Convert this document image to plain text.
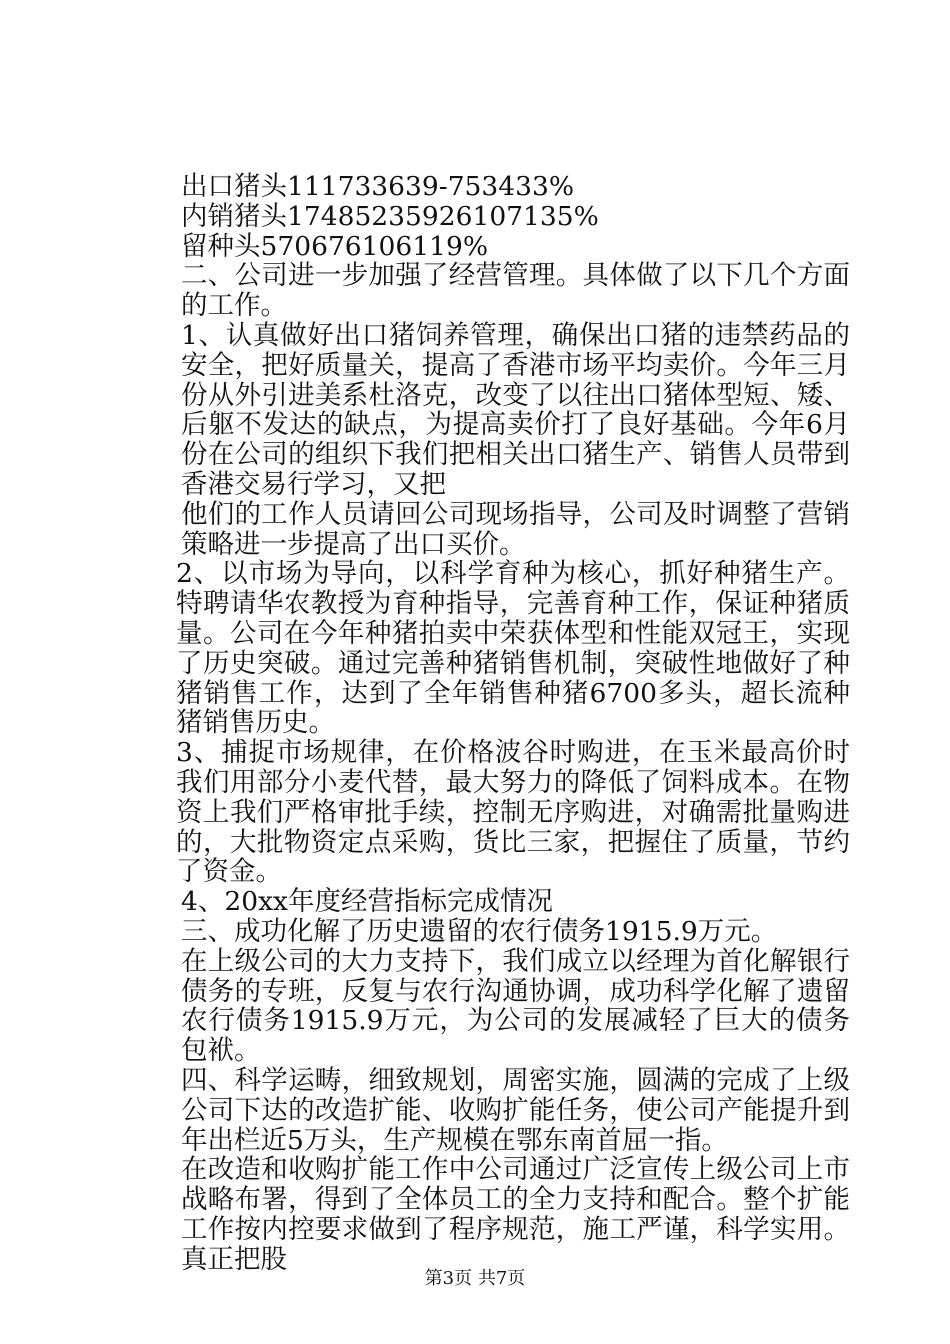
出口猪头111733639-753433%

内销猪头17485235926107135%

留种头570676106119%

二、公司进一步加强了经营管理。具体做了以下几个方面的工作。

1、认真做好出口猪饲养管理，确保出口猪的违禁药品的安全，把好质量关，提高了香港市场平均卖价。今年三月份从外引进美系杜洛克，改变了以往出口猪体型短、矮、后躯不发达的缺点，为提高卖价打了良好基础。今年6月份在公司的组织下我们把相关出口猪生产、销售人员带到香港交易行学习，又把

他们的工作人员请回公司现场指导，公司及时调整了营销策略进一步提高了出口买价。

2、以市场为导向，以科学育种为核心，抓好种猪生产。特聘请华农教授为育种指导，完善育种工作，保证种猪质量。公司在今年种猪拍卖中荣获体型和性能双冠王，实现了历史突破。通过完善种猪销售机制，突破性地做好了种猪销售工作，达到了全年销售种猪6700多头，超长流种猪销售历史。

3、捕捉市场规律，在价格波谷时购进，在玉米最高价时我们用部分小麦代替，最大努力的降低了饲料成本。在物资上我们严格审批手续，控制无序购进，对确需批量购进的，大批物资定点采购，货比三家，把握住了质量，节约了资金。

4、20xx年度经营指标完成情况

三、成功化解了历史遗留的农行债务1915.9万元。

在上级公司的大力支持下，我们成立以经理为首化解银行债务的专班，反复与农行沟通协调，成功科学化解了遗留农行债务1915.9万元，为公司的发展减轻了巨大的债务包袱。

四、科学运畴，细致规划，周密实施，圆满的完成了上级公司下达的改造扩能、收购扩能任务，使公司产能提升到年出栏近5万头，生产规模在鄂东南首屈一指。

在改造和收购扩能工作中公司通过广泛宣传上级公司上市战略布署，得到了全体员工的全力支持和配合。整个扩能工作按内控要求做到了程序规范，施工严谨，科学实用。真正把股

第3页 共7页
